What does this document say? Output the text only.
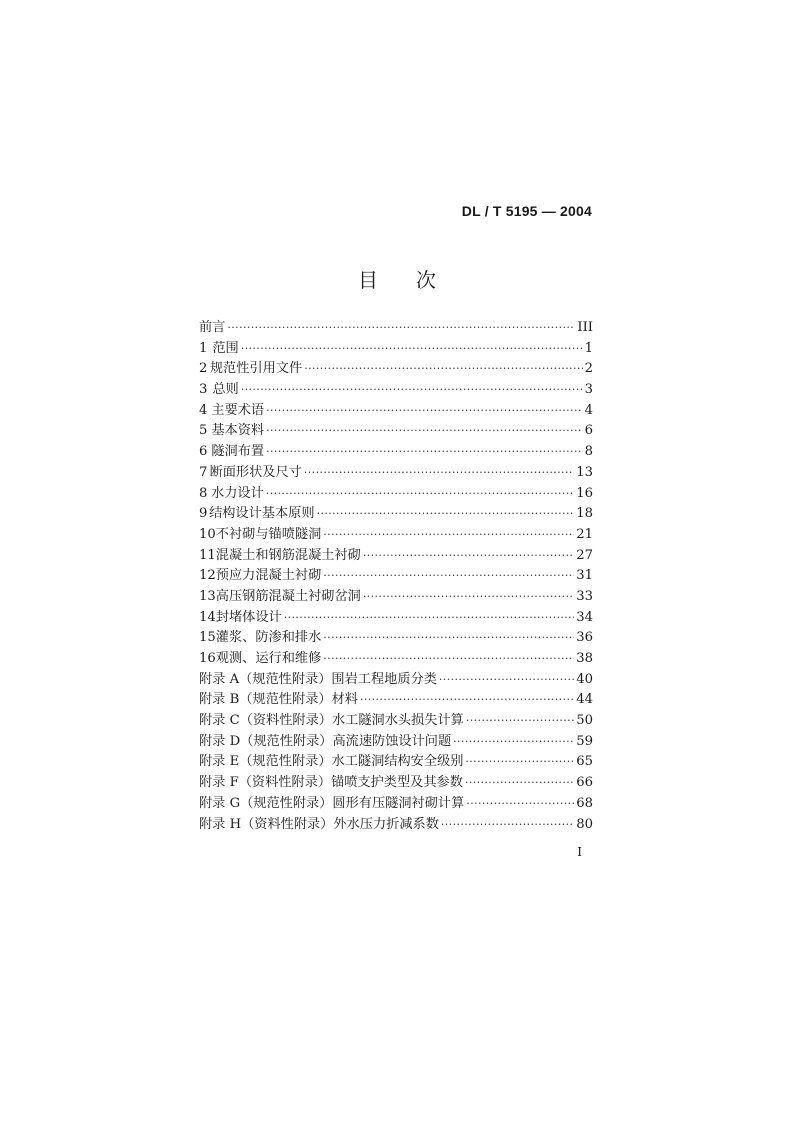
DL / T 5195 — 2004
目 次
前言 ·····	III
1 范围 ·····	1
2 规范性引用文件 ·····	2
3 总则 ·····	3
4 主要术语 ·····	4
5 基本资料 ·····	6
6 隧洞布置 ·····	8
7 断面形状及尺寸 ·····	13
8 水力设计 ·····	16
9 结构设计基本原则 ·····	18
10 不衬砌与锚喷隧洞 ·····	21
11 混凝土和钢筋混凝土衬砌 ·····	27
12 预应力混凝土衬砌 ·····	31
13 高压钢筋混凝土衬砌岔洞 ·····	33
14 封堵体设计 ·····	34
15 灌浆、防渗和排水 ·····	36
16 观测、运行和维修 ·····	38
附录 A（规范性附录） 围岩工程地质分类 ·····	40
附录 B（规范性附录） 材料 ·····	44
附录 C（资料性附录） 水工隧洞水头损失计算 ·····	50
附录 D（规范性附录） 高流速防蚀设计问题 ·····	59
附录 E（规范性附录） 水工隧洞结构安全级别 ·····	65
附录 F（资料性附录） 锚喷支护类型及其参数 ·····	66
附录 G（规范性附录） 圆形有压隧洞衬砌计算 ·····	68
附录 H（资料性附录） 外水压力折减系数 ·····	80
I
